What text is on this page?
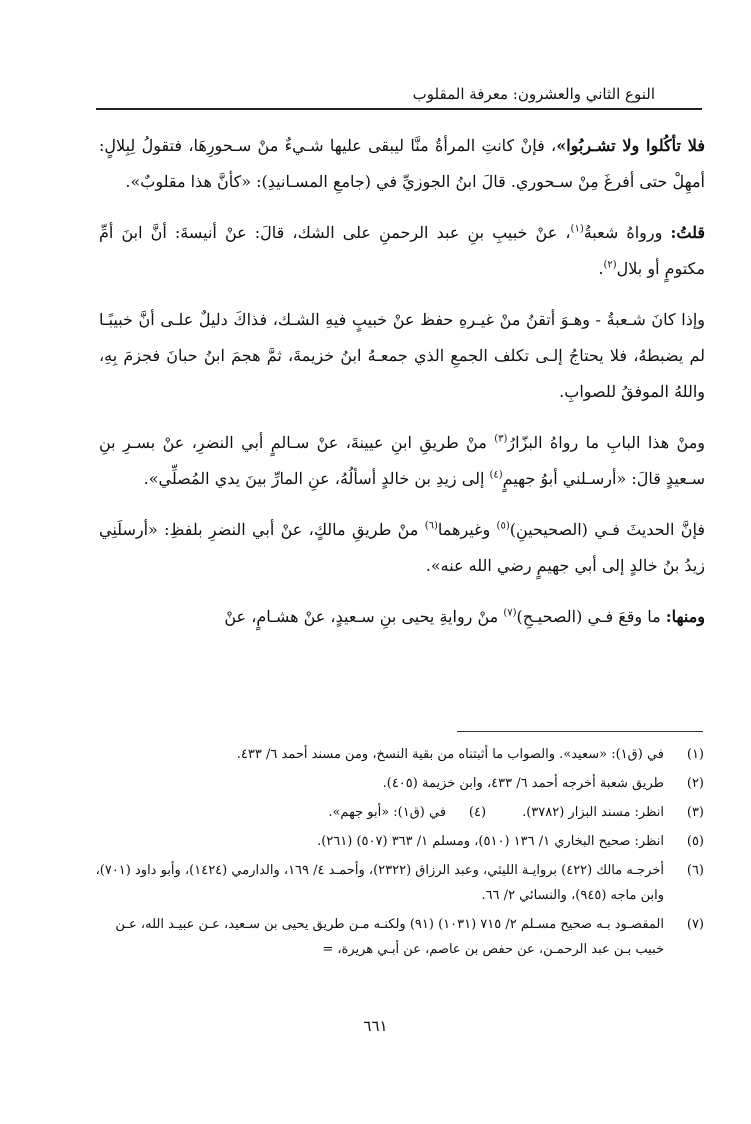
النوع الثاني والعشرون: معرفة المقلوب

فلا تأكُلوا ولا تشـربُوا»، فإنْ كانتِ المرأةُ منَّا ليبقى عليها شـيءٌ منْ سـحورِهَا، فتقولُ لِبِلالٍ: أمهِلْ حتى أفرغَ مِنْ سـحوري. قالَ ابنُ الجوزيِّ في (جامعِ المسـانيدِ): «كأنَّ هذا مقلوبٌ».

قلتُ: ورواهُ شعبةُ$^{(١)}$، عنْ خبيبِ بنِ عبد الرحمنِ على الشك، قالَ: عنْ أنيسةَ: أنَّ ابنَ أمِّ مكتومٍ أو بلال$^{(٢)}$.

وإذا كانَ شـعبةُ - وهـوَ أتقنُ منْ غيـرهِ حفظ عنْ خبيبٍ فيهِ الشـك، فذاكَ دليلٌ علـى أنَّ خبيبًـا لم يضبطهُ، فلا يحتاجُ إلـى تكلف الجمعِ الذي جمعـهُ ابنُ خزيمةَ، ثمَّ هجمَ ابنُ حبانَ فجزمَ بِهِ، واللهُ الموفقُ للصوابِ.

ومنْ هذا البابِ ما رواهُ البزّارُ$^{(٣)}$ منْ طريقِ ابنِ عيينةَ، عنْ سـالمٍ أبي النضرِ، عنْ بسـرِ بنِ سـعيدٍ قالَ: «أرسـلني أبوُ جهيمٍ$^{(٤)}$ إلى زيدِ بن خالدٍ أسألُهُ، عنِ المارِّ بينَ يدي المُصلِّي».

فإنَّ الحديثَ فـي (الصحيحينِ)$^{(٥)}$ وغيرهما$^{(٦)}$ منْ طريقِ مالكٍ، عنْ أبي النضرِ بلفظِ: «أرسلَنِي زيدُ بنُ خالدٍ إلى أبي جهيمٍ رضي الله عنه».

ومنها: ما وقعَ فـي (الصحيـحِ)$^{(٧)}$ منْ روايةِ يحيى بنِ سـعيدٍ، عنْ هشـامٍ، عنْ

(١)
في (ق١): «سعيد». والصواب ما أثبتناه من بقية النسخ، ومن مسند أحمد ٦/ ٤٣٣.
(٢)
طريق شعبة أخرجه أحمد ٦/ ٤٣٣، وابن خزيمة (٤٠٥).
(٣)
انظر: مسند البزار (٣٧٨٢).
(٤)
في (ق١): «أبو جهم».
(٥)
انظر: صحيح البخاري ١/ ١٣٦ (٥١٠)، ومسلم ١/ ٣٦٣ (٥٠٧) (٢٦١).
(٦)
أخرجـه مالك (٤٢٢) بروايـة الليثي، وعبد الرزاق (٢٣٢٢)، وأحمـد ٤/ ١٦٩، والدارمي (١٤٢٤)، وأبو داود (٧٠١)، وابن ماجه (٩٤٥)، والنسائي ٢/ ٦٦.
(٧)
المقصـود بـه صحيح مسـلم ٢/ ٧١٥ (١٠٣١) (٩١) ولكنـه مـن طريق يحيى بن سـعيد، عـن عبيـد الله، عـن خبيب بـن عبد الرحمـن، عن حفص بن عاصم، عن أبـي هريرة، =
٦٦١
